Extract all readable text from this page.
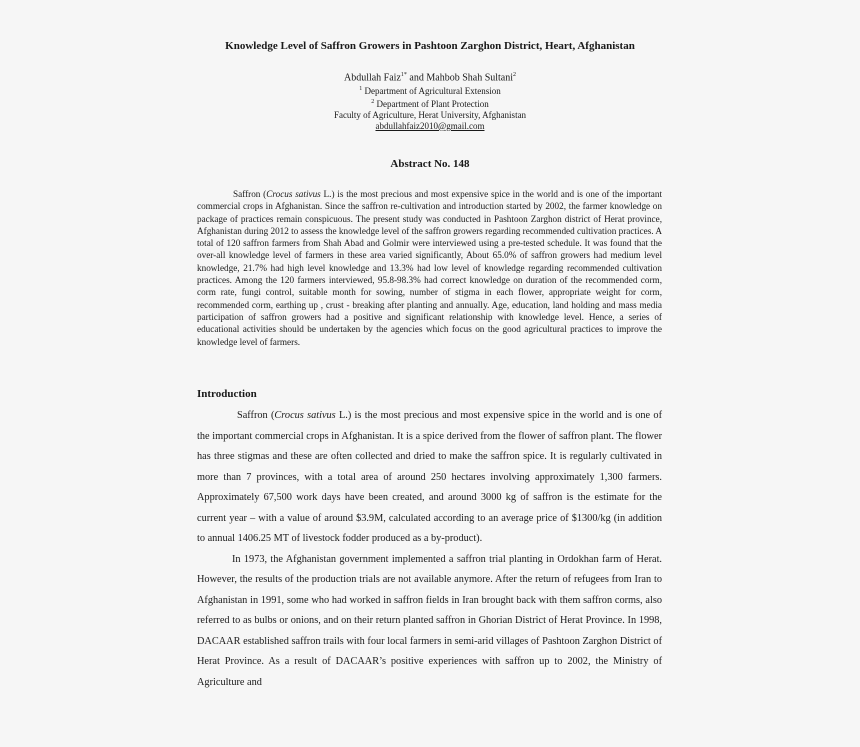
Knowledge Level of Saffron Growers in Pashtoon Zarghon District, Heart, Afghanistan
Abdullah Faiz$^{1*}$ and Mahbob Shah Sultani$^2$
$^1$ Department of Agricultural Extension
$^2$ Department of Plant Protection
Faculty of Agriculture, Herat University, Afghanistan
abdullahfaiz2010@gmail.com
Abstract No. 148

Saffron (Crocus sativus L.) is the most precious and most expensive spice in the world and is one of the important commercial crops in Afghanistan. Since the saffron re-cultivation and introduction started by 2002, the farmer knowledge on package of practices remain conspicuous. The present study was conducted in Pashtoon Zarghon district of Herat province, Afghanistan during 2012 to assess the knowledge level of the saffron growers regarding recommended cultivation practices. A total of 120 saffron farmers from Shah Abad and Golmir were interviewed using a pre-tested schedule. It was found that the over-all knowledge level of farmers in these area varied significantly, About 65.0% of saffron growers had medium level knowledge, 21.7% had high level knowledge and 13.3% had low level of knowledge regarding recommended cultivation practices. Among the 120 farmers interviewed, 95.8-98.3% had correct knowledge on duration of the recommended corm, corm rate, fungi control, suitable month for sowing, number of stigma in each flower, appropriate weight for corm, recommended corm, earthing up , crust - breaking after planting and annually. Age, education, land holding and mass media participation of saffron growers had a positive and significant relationship with knowledge level. Hence, a series of educational activities should be undertaken by the agencies which focus on the good agricultural practices to improve the knowledge level of farmers.

Introduction

Saffron (Crocus sativus L.) is the most precious and most expensive spice in the world and is one of the important commercial crops in Afghanistan. It is a spice derived from the flower of saffron plant. The flower has three stigmas and these are often collected and dried to make the saffron spice. It is regularly cultivated in more than 7 provinces, with a total area of around 250 hectares involving approximately 1,300 farmers. Approximately 67,500 work days have been created, and around 3000 kg of saffron is the estimate for the current year – with a value of around $3.9M, calculated according to an average price of $1300/kg (in addition to annual 1406.25 MT of livestock fodder produced as a by-product).

In 1973, the Afghanistan government implemented a saffron trial planting in Ordokhan farm of Herat. However, the results of the production trials are not available anymore. After the return of refugees from Iran to Afghanistan in 1991, some who had worked in saffron fields in Iran brought back with them saffron corms, also referred to as bulbs or onions, and on their return planted saffron in Ghorian District of Herat Province. In 1998, DACAAR established saffron trails with four local farmers in semi-arid villages of Pashtoon Zarghon District of Herat Province. As a result of DACAAR’s positive experiences with saffron up to 2002, the Ministry of Agriculture and
